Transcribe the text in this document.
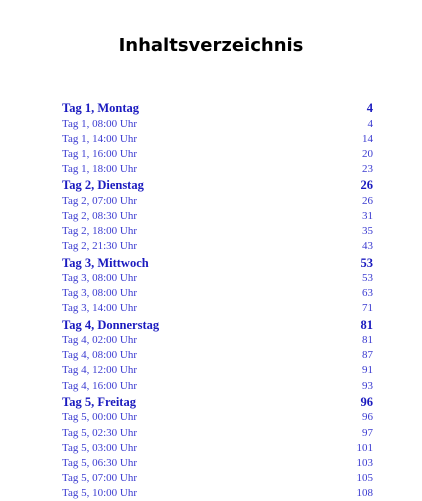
Inhaltsverzeichnis
Tag 1, Montag	4
Tag 1, 08:00 Uhr	4
Tag 1, 14:00 Uhr	14
Tag 1, 16:00 Uhr	20
Tag 1, 18:00 Uhr	23
Tag 2, Dienstag	26
Tag 2, 07:00 Uhr	26
Tag 2, 08:30 Uhr	31
Tag 2, 18:00 Uhr	35
Tag 2, 21:30 Uhr	43
Tag 3, Mittwoch	53
Tag 3, 08:00 Uhr	53
Tag 3, 08:00 Uhr	63
Tag 3, 14:00 Uhr	71
Tag 4, Donnerstag	81
Tag 4, 02:00 Uhr	81
Tag 4, 08:00 Uhr	87
Tag 4, 12:00 Uhr	91
Tag 4, 16:00 Uhr	93
Tag 5, Freitag	96
Tag 5, 00:00 Uhr	96
Tag 5, 02:30 Uhr	97
Tag 5, 03:00 Uhr	101
Tag 5, 06:30 Uhr	103
Tag 5, 07:00 Uhr	105
Tag 5, 10:00 Uhr	108
